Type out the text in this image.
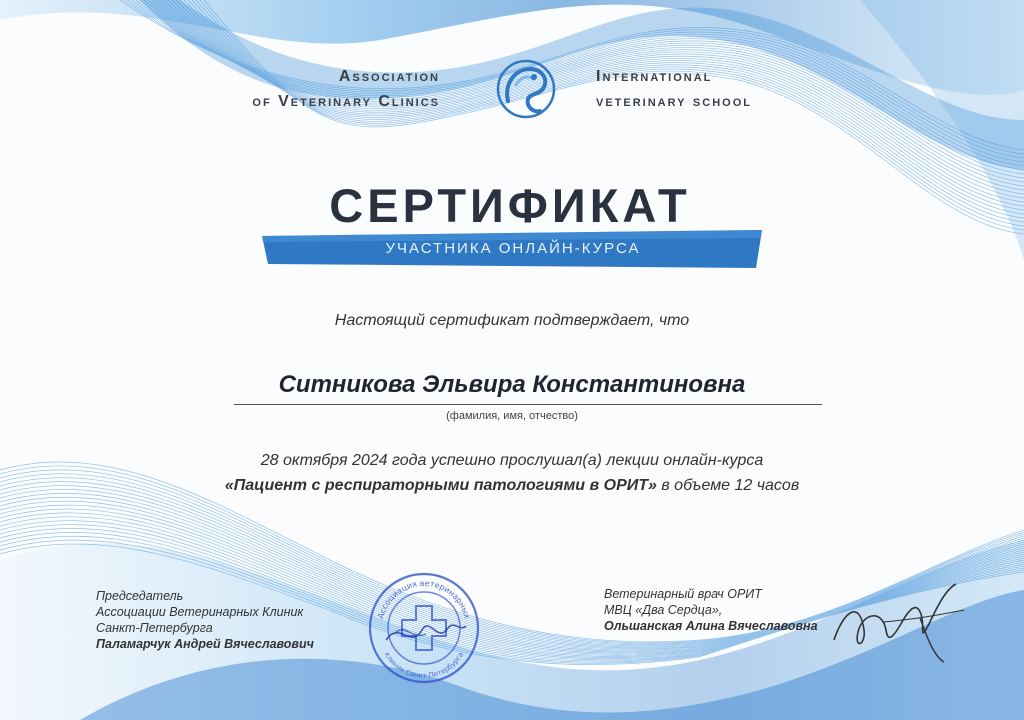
Association
of Veterinary Clinics
International
veterinary school
СЕРТИФИКАТ
УЧАСТНИКА ОНЛАЙН-КУРСА
Настоящий сертификат подтверждает, что
Ситникова Эльвира Константиновна
(фамилия, имя, отчество)
28 октября 2024 года успешно прослушал(а) лекции онлайн-курса
«Пациент с респираторными патологиями в ОРИТ» в объеме 12 часов
Председатель
Ассоциации Ветеринарных Клиник
Санкт-Петербурга
Паламарчук Андрей Вячеславович
Ассоциация ветеринарных
клиник Санкт-Петербурга
Ветеринарный врач ОРИТ
МВЦ «Два Сердца»,
Ольшанская Алина Вячеславовна
